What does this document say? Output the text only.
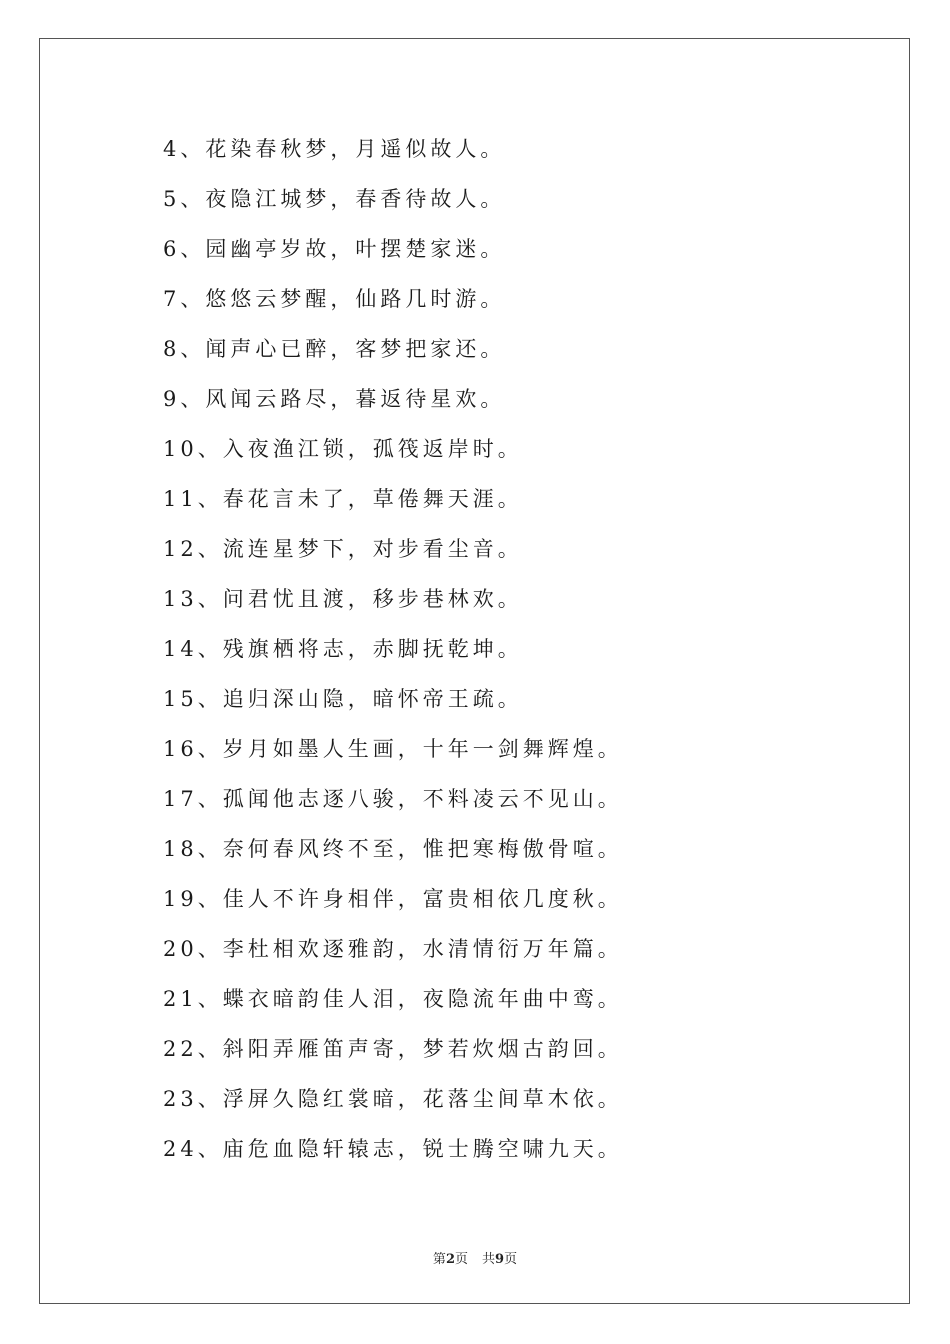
4、花染春秋梦，月遥似故人。
5、夜隐江城梦，春香待故人。
6、园幽亭岁故，叶摆楚家迷。
7、悠悠云梦醒，仙路几时游。
8、闻声心已醉，客梦把家还。
9、风闻云路尽，暮返待星欢。
10、入夜渔江锁，孤筏返岸时。
11、春花言未了，草倦舞天涯。
12、流连星梦下，对步看尘音。
13、问君忧且渡，移步巷林欢。
14、残旗栖将志，赤脚抚乾坤。
15、追归深山隐，暗怀帝王疏。
16、岁月如墨人生画，十年一剑舞辉煌。
17、孤闻他志逐八骏，不料凌云不见山。
18、奈何春风终不至，惟把寒梅傲骨喧。
19、佳人不许身相伴，富贵相依几度秋。
20、李杜相欢逐雅韵，水清情衍万年篇。
21、蝶衣暗韵佳人泪，夜隐流年曲中鸾。
22、斜阳弄雁笛声寄，梦若炊烟古韵回。
23、浮屏久隐红裳暗，花落尘间草木依。
24、庙危血隐轩辕志，锐士腾空啸九天。
第2页 共9页
